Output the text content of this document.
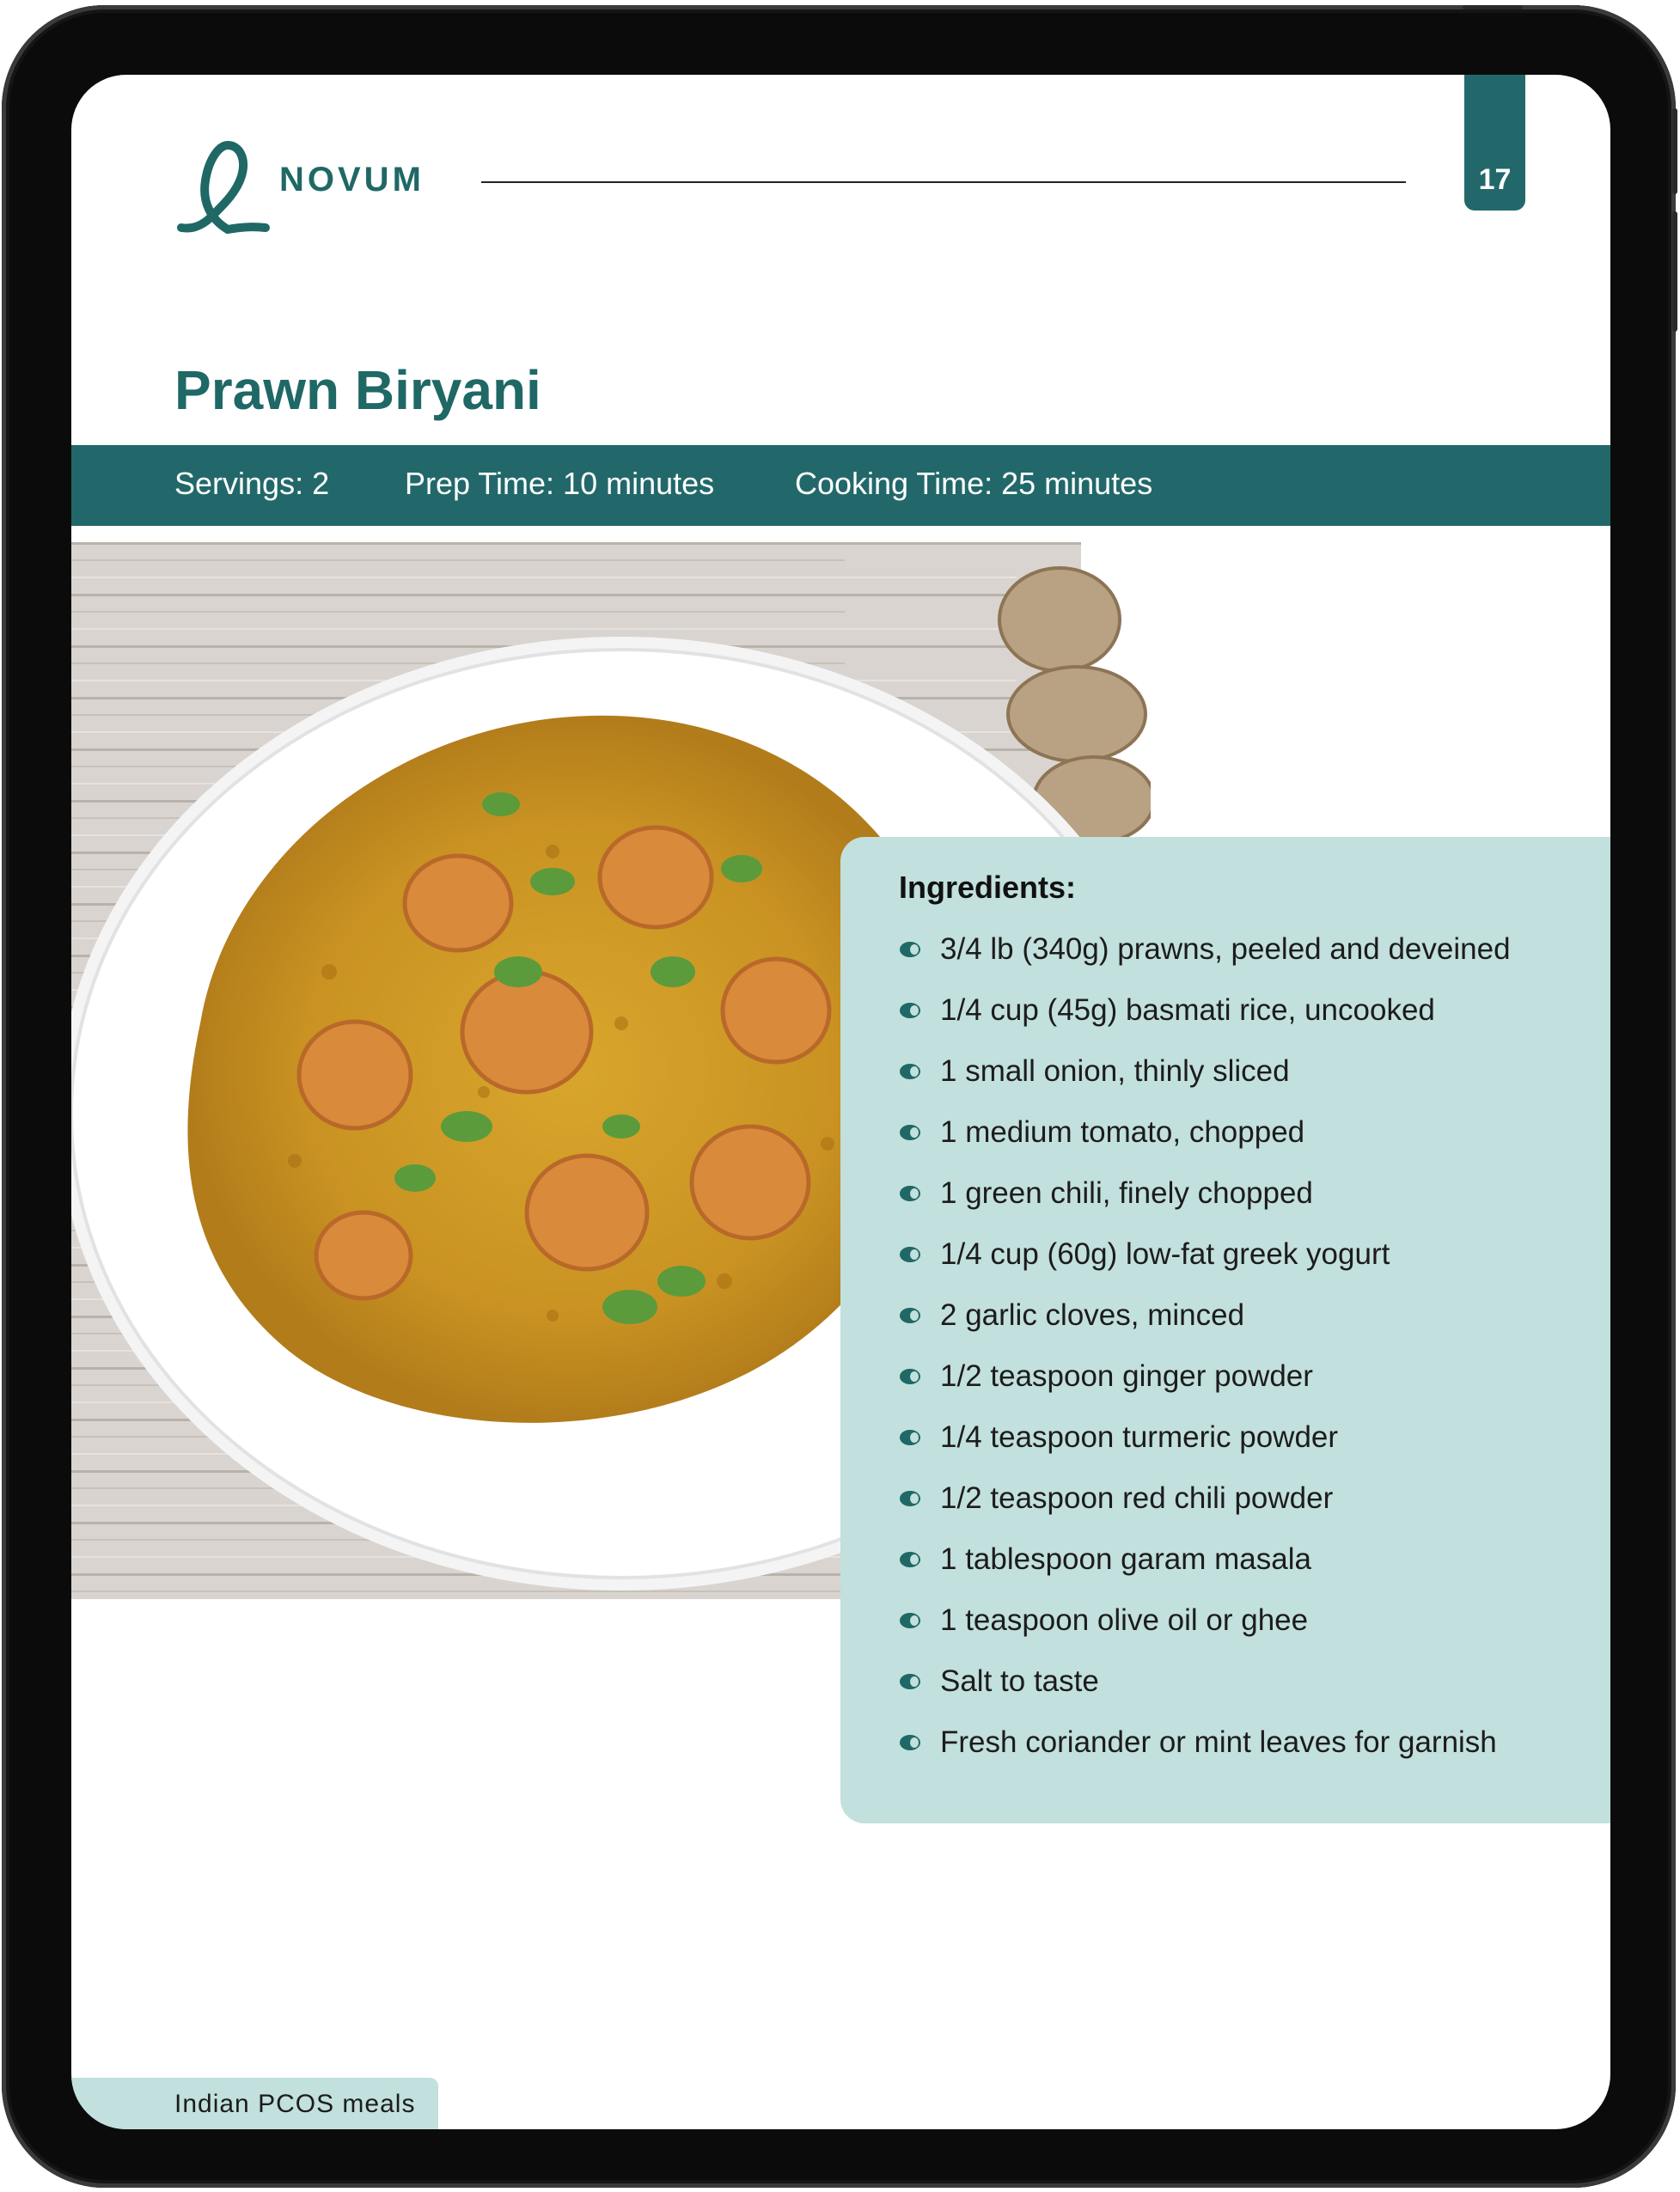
NOVUM	17
Prawn Biryani
Servings: 2 Prep Time: 10 minutes	Cooking Time: 25 minutes
Ingredients:
3/4 lb (340g) prawns, peeled and deveined
1/4 cup (45g) basmati rice, uncooked
1 small onion, thinly sliced
1 medium tomato, chopped
1 green chili, finely chopped
1/4 cup (60g) low-fat greek yogurt
2 garlic cloves, minced
1/2 teaspoon ginger powder
1/4 teaspoon turmeric powder
1/2 teaspoon red chili powder
1 tablespoon garam masala
1 teaspoon olive oil or ghee
Salt to taste
Fresh coriander or mint leaves for garnish
Indian PCOS meals
